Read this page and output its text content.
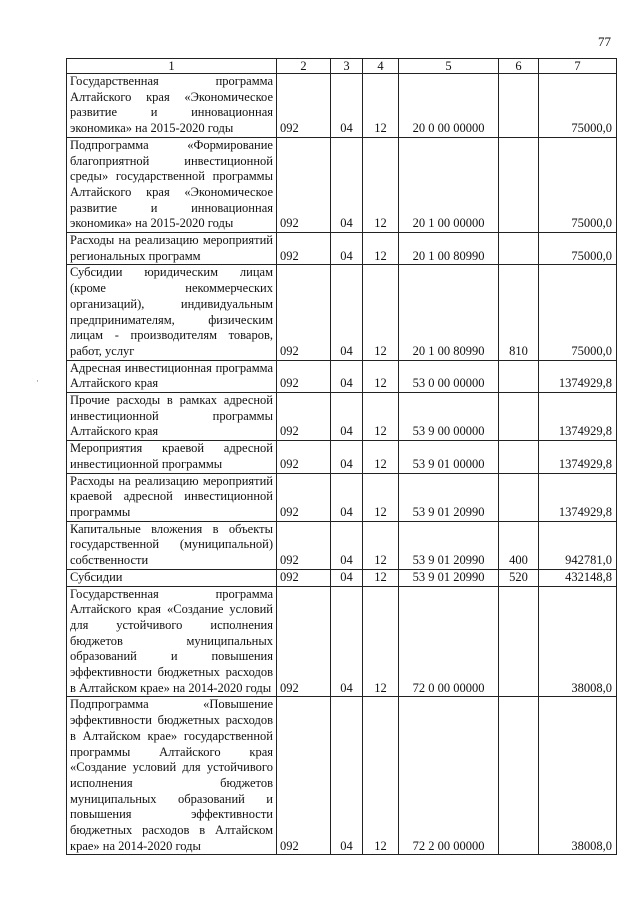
77
·
1	2	3	4	5	6	7
Государственная программа Алтайского края «Экономическое развитие и инновационная экономика» на 2015-2020 годы	092	04	12	20 0 00 00000		75000,0
Подпрограмма «Формирование благоприятной инвестиционной среды» государственной программы Алтайского края «Экономическое развитие и инновационная экономика» на 2015-2020 годы	092	04	12	20 1 00 00000		75000,0
Расходы на реализацию мероприятий региональных программ	092	04	12	20 1 00 80990		75000,0
Субсидии юридическим лицам (кроме некоммерческих организаций), индивидуальным предпринимателям, физическим лицам - производителям товаров, работ, услуг	092	04	12	20 1 00 80990	810	75000,0
Адресная инвестиционная программа Алтайского края	092	04	12	53 0 00 00000		1374929,8
Прочие расходы в рамках адресной инвестиционной программы Алтайского края	092	04	12	53 9 00 00000		1374929,8
Мероприятия краевой адресной инвестиционной программы	092	04	12	53 9 01 00000		1374929,8
Расходы на реализацию мероприятий краевой адресной инвестиционной программы	092	04	12	53 9 01 20990		1374929,8
Капитальные вложения в объекты государственной (муниципальной) собственности	092	04	12	53 9 01 20990	400	942781,0
Субсидии	092	04	12	53 9 01 20990	520	432148,8
Государственная программа Алтайского края «Создание условий для устойчивого исполнения бюджетов муниципальных образований и повышения эффективности бюджетных расходов в Алтайском крае» на 2014-2020 годы	092	04	12	72 0 00 00000		38008,0
Подпрограмма «Повышение эффективности бюджетных расходов в Алтайском крае» государственной программы Алтайского края «Создание условий для устойчивого исполнения бюджетов муниципальных образований и повышения эффективности бюджетных расходов в Алтайском крае» на 2014-2020 годы	092	04	12	72 2 00 00000		38008,0
